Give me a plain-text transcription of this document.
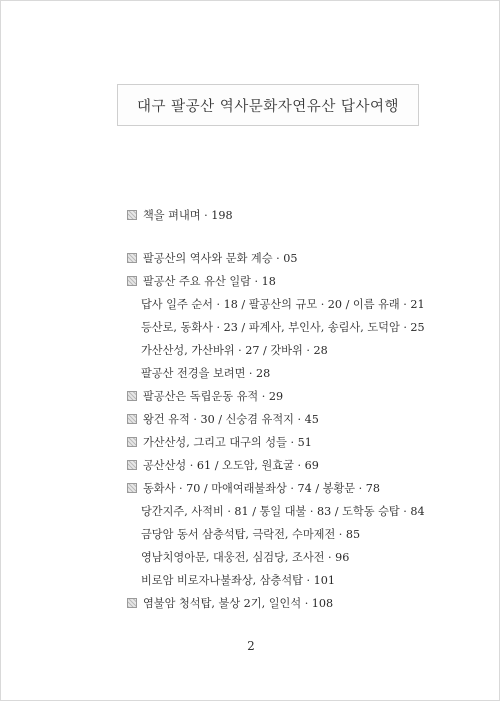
대구 팔공산 역사문화자연유산 답사여행
책을 펴내며 · 198
팔공산의 역사와 문화 계승 · 05
팔공산 주요 유산 일람 · 18
답사 일주 순서 · 18 / 팔공산의 규모 · 20 / 이름 유래 · 21
등산로, 동화사 · 23 / 파계사, 부인사, 송림사, 도덕암 · 25
가산산성, 가산바위 · 27 / 갓바위 · 28
팔공산 전경을 보려면 · 28
팔공산은 독립운동 유적 · 29
왕건 유적 · 30 / 신숭겸 유적지 · 45
가산산성, 그리고 대구의 성들 · 51
공산산성 · 61 / 오도암, 원효굴 · 69
동화사 · 70 / 마애여래불좌상 · 74 / 봉황문 · 78
당간지주, 사적비 · 81 / 통일 대불 · 83 / 도학동 승탑 · 84
금당암 동서 삼층석탑, 극락전, 수마제전 · 85
영남치영아문, 대웅전, 심검당, 조사전 · 96
비로암 비로자나불좌상, 삼층석탑 · 101
염불암 청석탑, 불상 2기, 일인석 · 108
2
